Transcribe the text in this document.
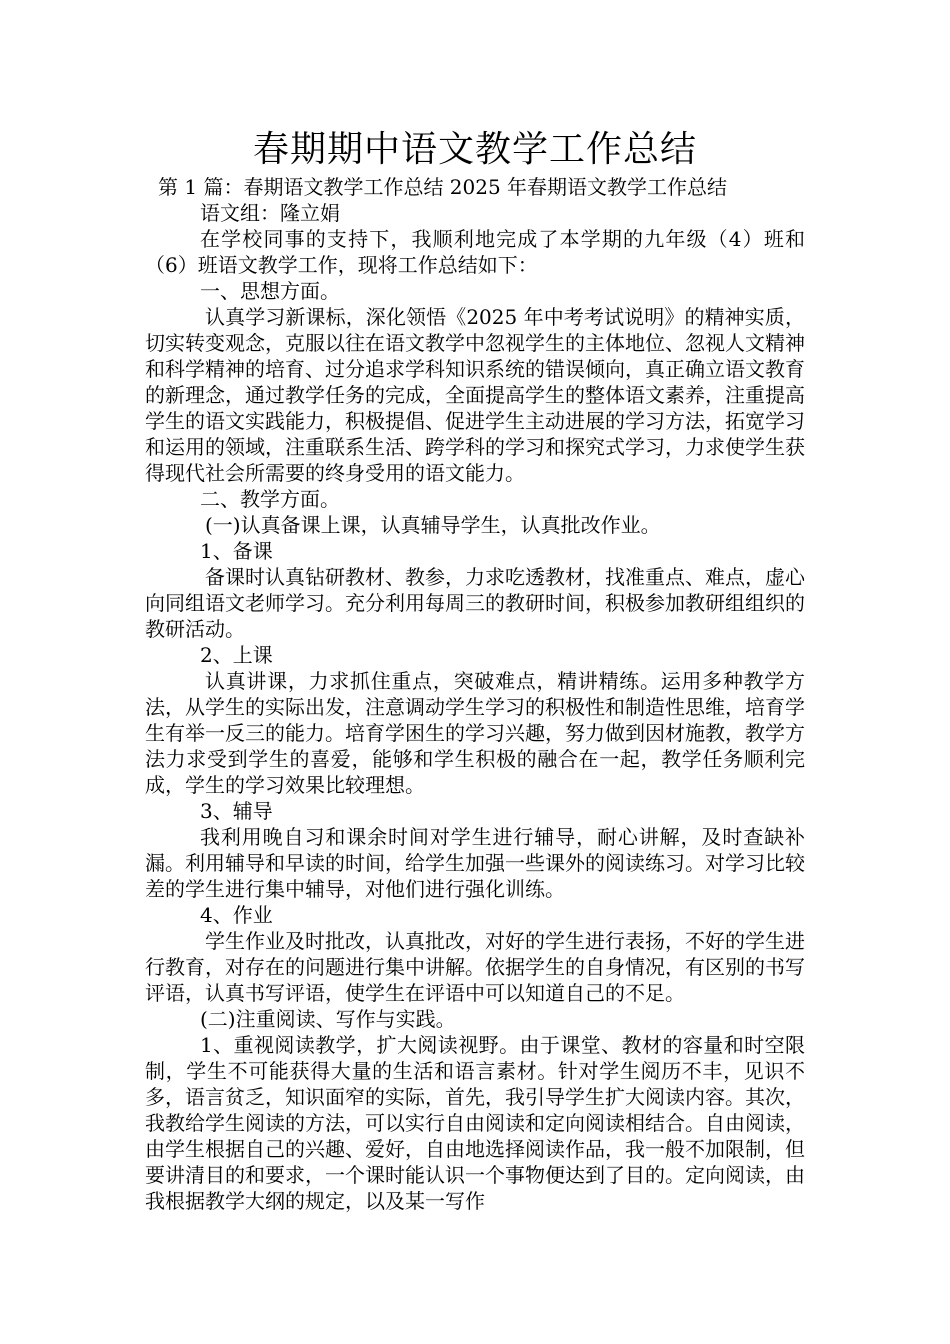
春期期中语文教学工作总结
第 1 篇：春期语文教学工作总结 2025 年春期语文教学工作总结

语文组：隆立娟

在学校同事的支持下，我顺利地完成了本学期的九年级（4）班和（6）班语文教学工作，现将工作总结如下：

一、思想方面。

认真学习新课标，深化领悟《2025 年中考考试说明》的精神实质，切实转变观念，克服以往在语文教学中忽视学生的主体地位、忽视人文精神和科学精神的培育、过分追求学科知识系统的错误倾向，真正确立语文教育的新理念，通过教学任务的完成，全面提高学生的整体语文素养，注重提高学生的语文实践能力，积极提倡、促进学生主动进展的学习方法，拓宽学习和运用的领域，注重联系生活、跨学科的学习和探究式学习，力求使学生获得现代社会所需要的终身受用的语文能力。

二、教学方面。

(一)认真备课上课，认真辅导学生，认真批改作业。

1、备课

备课时认真钻研教材、教参，力求吃透教材，找准重点、难点，虚心向同组语文老师学习。充分利用每周三的教研时间，积极参加教研组组织的教研活动。

2、上课

认真讲课，力求抓住重点，突破难点，精讲精练。运用多种教学方法，从学生的实际出发，注意调动学生学习的积极性和制造性思维，培育学生有举一反三的能力。培育学困生的学习兴趣，努力做到因材施教，教学方法力求受到学生的喜爱，能够和学生积极的融合在一起，教学任务顺利完成，学生的学习效果比较理想。

3、辅导

我利用晚自习和课余时间对学生进行辅导，耐心讲解，及时查缺补漏。利用辅导和早读的时间，给学生加强一些课外的阅读练习。对学习比较差的学生进行集中辅导，对他们进行强化训练。

4、作业

学生作业及时批改，认真批改，对好的学生进行表扬，不好的学生进行教育，对存在的问题进行集中讲解。依据学生的自身情况，有区别的书写评语，认真书写评语，使学生在评语中可以知道自己的不足。

(二)注重阅读、写作与实践。

1、重视阅读教学，扩大阅读视野。由于课堂、教材的容量和时空限制，学生不可能获得大量的生活和语言素材。针对学生阅历不丰，见识不多，语言贫乏，知识面窄的实际，首先，我引导学生扩大阅读内容。其次，我教给学生阅读的方法，可以实行自由阅读和定向阅读相结合。自由阅读，由学生根据自己的兴趣、爱好，自由地选择阅读作品，我一般不加限制，但要讲清目的和要求，一个课时能认识一个事物便达到了目的。定向阅读，由我根据教学大纲的规定，以及某一写作
